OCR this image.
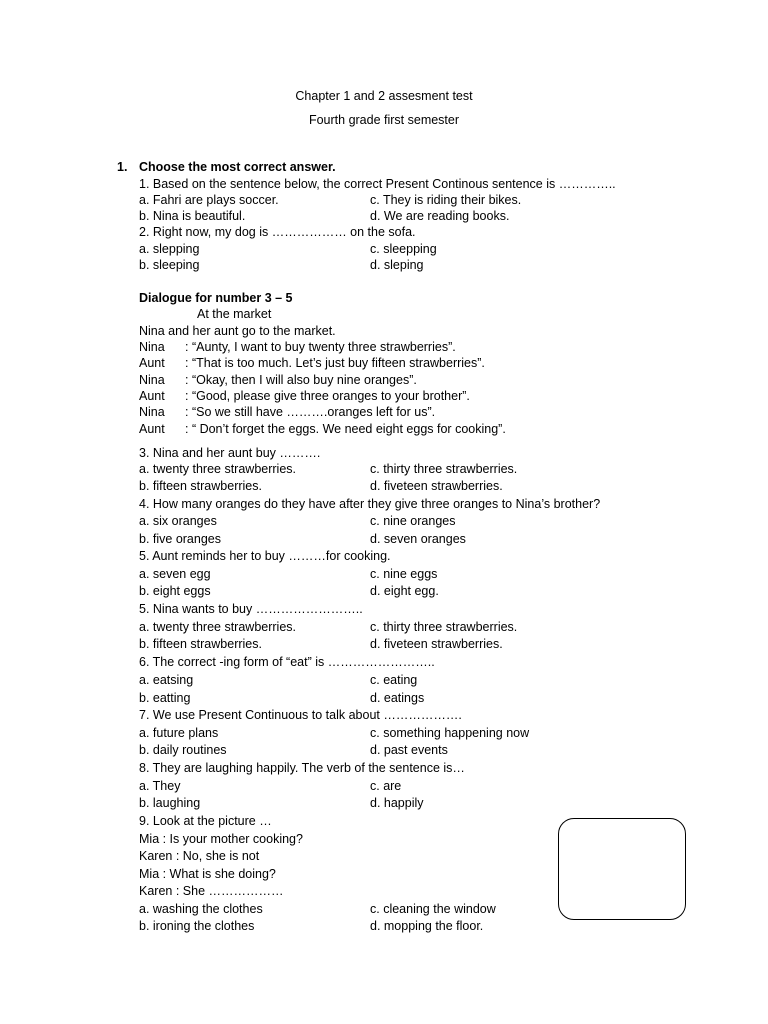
Chapter 1 and 2 assesment test
Fourth grade first semester
1. Choose the most correct answer.
1. Based on the sentence below, the correct Present Continous sentence is …………..
a. Fahri are plays soccer.	c. They is riding their bikes.
b. Nina is beautiful.	d. We are reading books.
2. Right now, my dog is ……………… on the sofa.
a. slepping	c. sleepping
b. sleeping	d. sleping
Dialogue for number 3 – 5
At the market
Nina and her aunt go to the market.
Nina : “Aunty, I want to buy twenty three strawberries”.
Aunt : “That is too much. Let’s just buy fifteen strawberries”.
Nina : “Okay, then I will also buy nine oranges”.
Aunt : “Good, please give three oranges to your brother”.
Nina : “So we still have ……….oranges left for us”.
Aunt : “ Don’t forget the eggs. We need eight eggs for cooking”.
3. Nina and her aunt buy ……….
a. twenty three strawberries.	c. thirty three strawberries.
b. fifteen strawberries.	d. fiveteen strawberries.
4. How many oranges do they have after they give three oranges to Nina’s brother?
a. six oranges	c. nine oranges
b. five oranges	d. seven oranges
5. Aunt reminds her to buy ………for cooking.
a. seven egg	c. nine eggs
b. eight eggs	d. eight egg.
5. Nina wants to buy ……………………..
a. twenty three strawberries.	c. thirty three strawberries.
b. fifteen strawberries.	d. fiveteen strawberries.
6. The correct -ing form of “eat” is ……………………..
a. eatsing	c. eating
b. eatting	d. eatings
7. We use Present Continuous to talk about ……………….
a. future plans	c. something happening now
b. daily routines	d. past events
8. They are laughing happily. The verb of the sentence is…
a. They	c. are
b. laughing	d. happily
9. Look at the picture …
Mia : Is your mother cooking?
Karen : No, she is not
Mia : What is she doing?
Karen : She ………………
a. washing the clothes	c. cleaning the window
b. ironing the clothes	d. mopping the floor.
